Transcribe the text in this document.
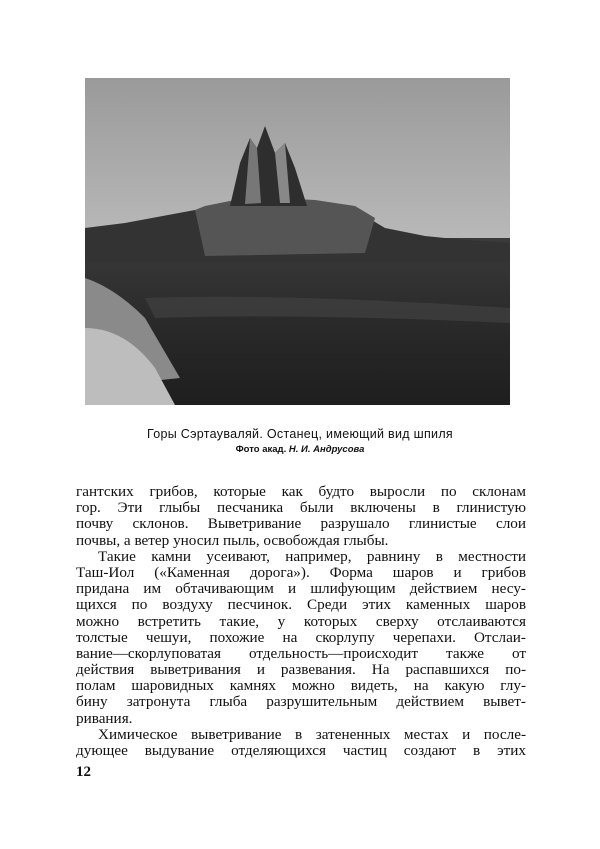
Горы Сэртауваляй. Останец, имеющий вид шпиля
Фото акад. Н. И. Андрусова
гантских грибов, которые как будто выросли по склонам
гор. Эти глыбы песчаника были включены в глинистую
почву склонов. Выветривание разрушало глинистые слои
почвы, а ветер уносил пыль, освобождая глыбы.
Такие камни усеивают, например, равнину в местности
Таш-Иол («Каменная дорога»). Форма шаров и грибов
придана им обтачивающим и шлифующим действием несу-
щихся по воздуху песчинок. Среди этих каменных шаров
можно встретить такие, у которых сверху отслаиваются
толстые чешуи, похожие на скорлупу черепахи. Отслаи-
вание—скорлуповатая отдельность—происходит также от
действия выветривания и развевания. На распавшихся по-
полам шаровидных камнях можно видеть, на какую глу-
бину затронута глыба разрушительным действием вывет-
ривания.
Химическое выветривание в затененных местах и после-
дующее выдувание отделяющихся частиц создают в этих
12
